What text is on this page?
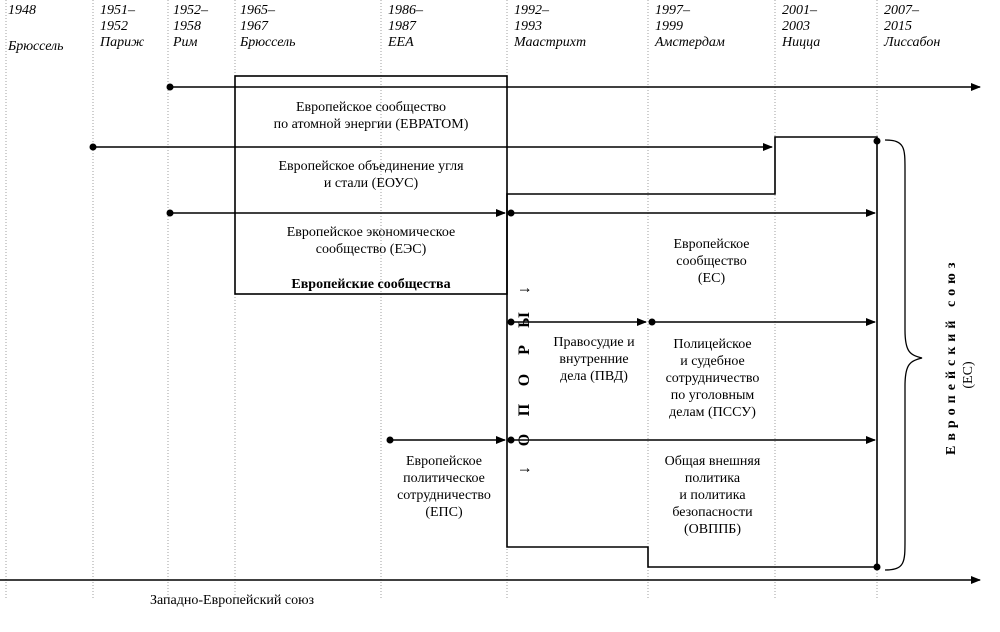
1948
Брюссель
1951–
1952
Париж
1952–
1958
Рим
1965–
1967
Брюссель
1986–
1987
ЕЕА
1992–
1993
Маастрихт
1997–
1999
Амстердам
2001–
2003
Ницца
2007–
2015
Лиссабон
Европейское сообщество
по атомной энергии (ЕВРАТОМ)
Европейское объединение угля
и стали (ЕОУС)
Европейское экономическое
сообщество (ЕЭС)
Европейские сообщества
Европейское
сообщество
(ЕС)
Правосудие и
внутренние
дела (ПВД)
Полицейское
и судебное
сотрудничество
по уголовным
делам (ПССУ)
Европейское
политическое
сотрудничество
(ЕПС)
Общая внешняя
политика
и политика
безопасности
(ОВППБ)
↓
Ы
Р
О
П
О
↓
Европейский союз (ЕС)
Западно-Европейский союз
